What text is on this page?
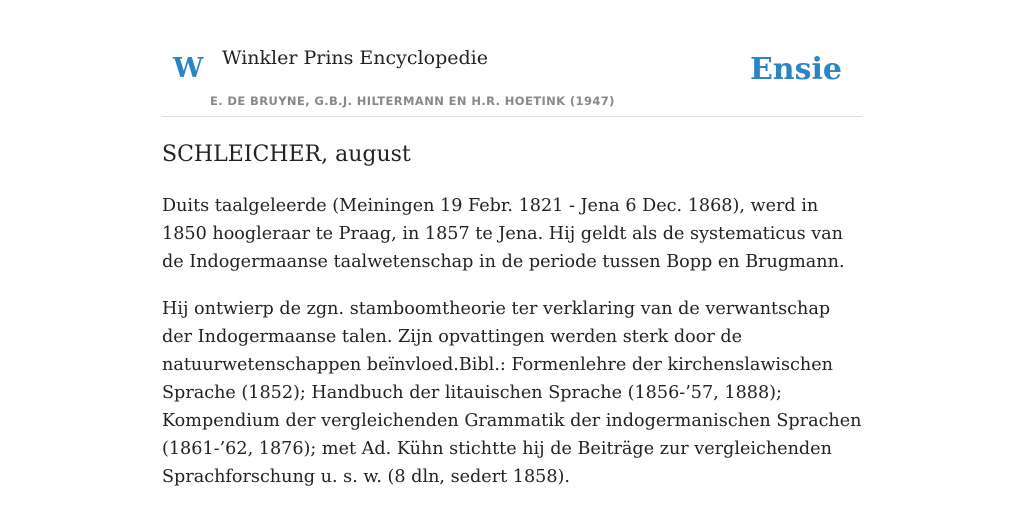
W Winkler Prins Encyclopedie
E. DE BRUYNE, G.B.J. HILTERMANN EN H.R. HOETINK (1947)
Ensie
SCHLEICHER, august

Duits taalgeleerde (Meiningen 19 Febr. 1821 - Jena 6 Dec. 1868), werd in 1850 hoogleraar te Praag, in 1857 te Jena. Hij geldt als de systematicus van de Indogermaanse taalwetenschap in de periode tussen Bopp en Brugmann.

Hij ontwierp de zgn. stamboomtheorie ter verklaring van de verwantschap der Indogermaanse talen. Zijn opvattingen werden sterk door de natuurwetenschappen beïnvloed.Bibl.: Formenlehre der kirchenslawischen Sprache (1852); Handbuch der litauischen Sprache (1856-’57, 1888); Kompendium der vergleichenden Grammatik der indogermanischen Sprachen (1861-’62, 1876); met Ad. Kühn stichtte hij de Beiträge zur vergleichenden Sprachforschung u. s. w. (8 dln, sedert 1858).
